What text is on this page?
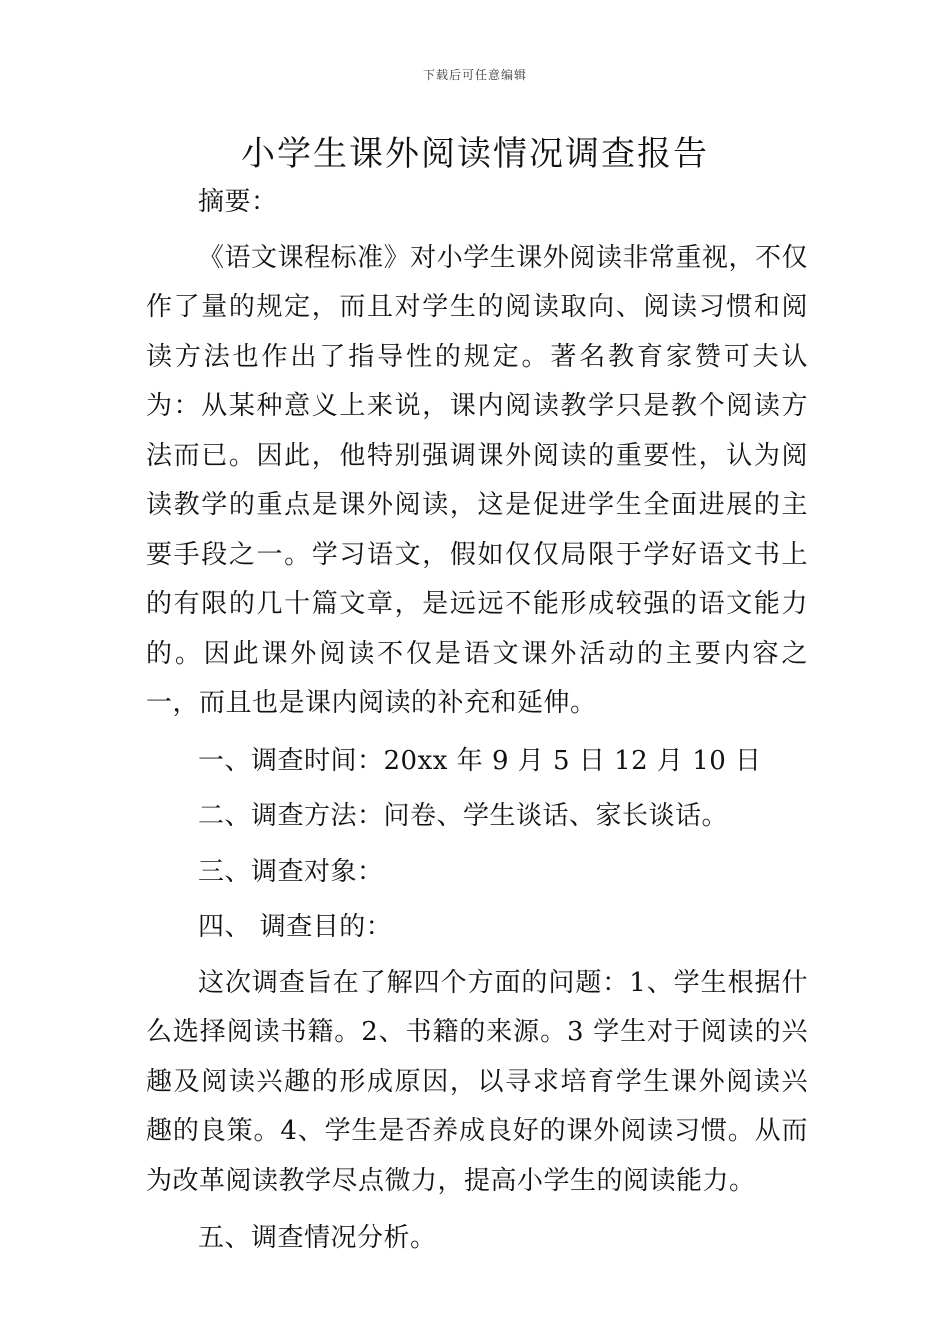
下载后可任意编辑
小学生课外阅读情况调查报告

摘要：

《语文课程标准》对小学生课外阅读非常重视，不仅作了量的规定，而且对学生的阅读取向、阅读习惯和阅读方法也作出了指导性的规定。著名教育家赞可夫认为：从某种意义上来说，课内阅读教学只是教个阅读方法而已。因此，他特别强调课外阅读的重要性，认为阅读教学的重点是课外阅读，这是促进学生全面进展的主要手段之一。学习语文，假如仅仅局限于学好语文书上的有限的几十篇文章，是远远不能形成较强的语文能力的。因此课外阅读不仅是语文课外活动的主要内容之一，而且也是课内阅读的补充和延伸。

一、调查时间：20xx 年 9 月 5 日 12 月 10 日

二、调查方法：问卷、学生谈话、家长谈话。

三、调查对象：

四、 调查目的：

这次调查旨在了解四个方面的问题：1、学生根据什么选择阅读书籍。2、书籍的来源。3 学生对于阅读的兴趣及阅读兴趣的形成原因，以寻求培育学生课外阅读兴趣的良策。4、学生是否养成良好的课外阅读习惯。从而为改革阅读教学尽点微力，提高小学生的阅读能力。

五、调查情况分析。
